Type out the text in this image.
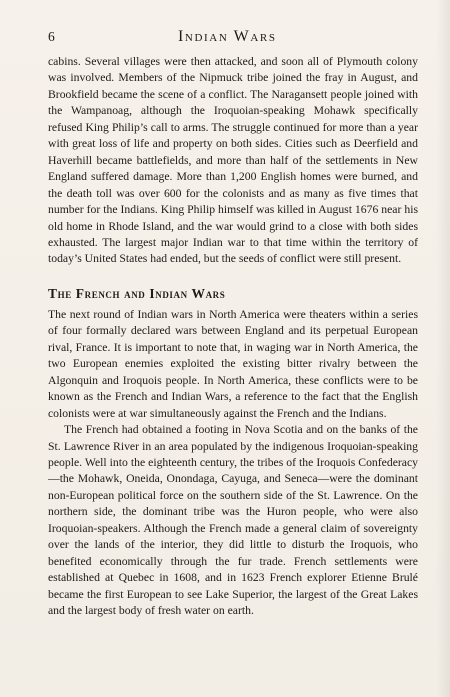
6	Indian Wars

cabins. Several villages were then attacked, and soon all of Plymouth colony was involved. Members of the Nipmuck tribe joined the fray in August, and Brookfield became the scene of a conflict. The Naragansett people joined with the Wampanoag, although the Iroquoian-speaking Mohawk specifically refused King Philip’s call to arms. The struggle continued for more than a year with great loss of life and property on both sides. Cities such as Deerfield and Haverhill became battlefields, and more than half of the settlements in New England suffered damage. More than 1,200 English homes were burned, and the death toll was over 600 for the colonists and as many as five times that number for the Indians. King Philip himself was killed in August 1676 near his old home in Rhode Island, and the war would grind to a close with both sides exhausted. The largest major Indian war to that time within the territory of today’s United States had ended, but the seeds of conflict were still present.

The French and Indian Wars

The next round of Indian wars in North America were theaters within a series of four formally declared wars between England and its perpetual European rival, France. It is important to note that, in waging war in North America, the two European enemies exploited the existing bitter rivalry between the Algonquin and Iroquois people. In North America, these conflicts were to be known as the French and Indian Wars, a reference to the fact that the English colonists were at war simultaneously against the French and the Indians.

The French had obtained a footing in Nova Scotia and on the banks of the St. Lawrence River in an area populated by the indigenous Iroquoian-speaking people. Well into the eighteenth century, the tribes of the Iroquois Confederacy—the Mohawk, Oneida, Onondaga, Cayuga, and Seneca—were the dominant non-European political force on the southern side of the St. Lawrence. On the northern side, the dominant tribe was the Huron people, who were also Iroquoian-speakers. Although the French made a general claim of sovereignty over the lands of the interior, they did little to disturb the Iroquois, who benefited economically through the fur trade. French settlements were established at Quebec in 1608, and in 1623 French explorer Etienne Brulé became the first European to see Lake Superior, the largest of the Great Lakes and the largest body of fresh water on earth.
